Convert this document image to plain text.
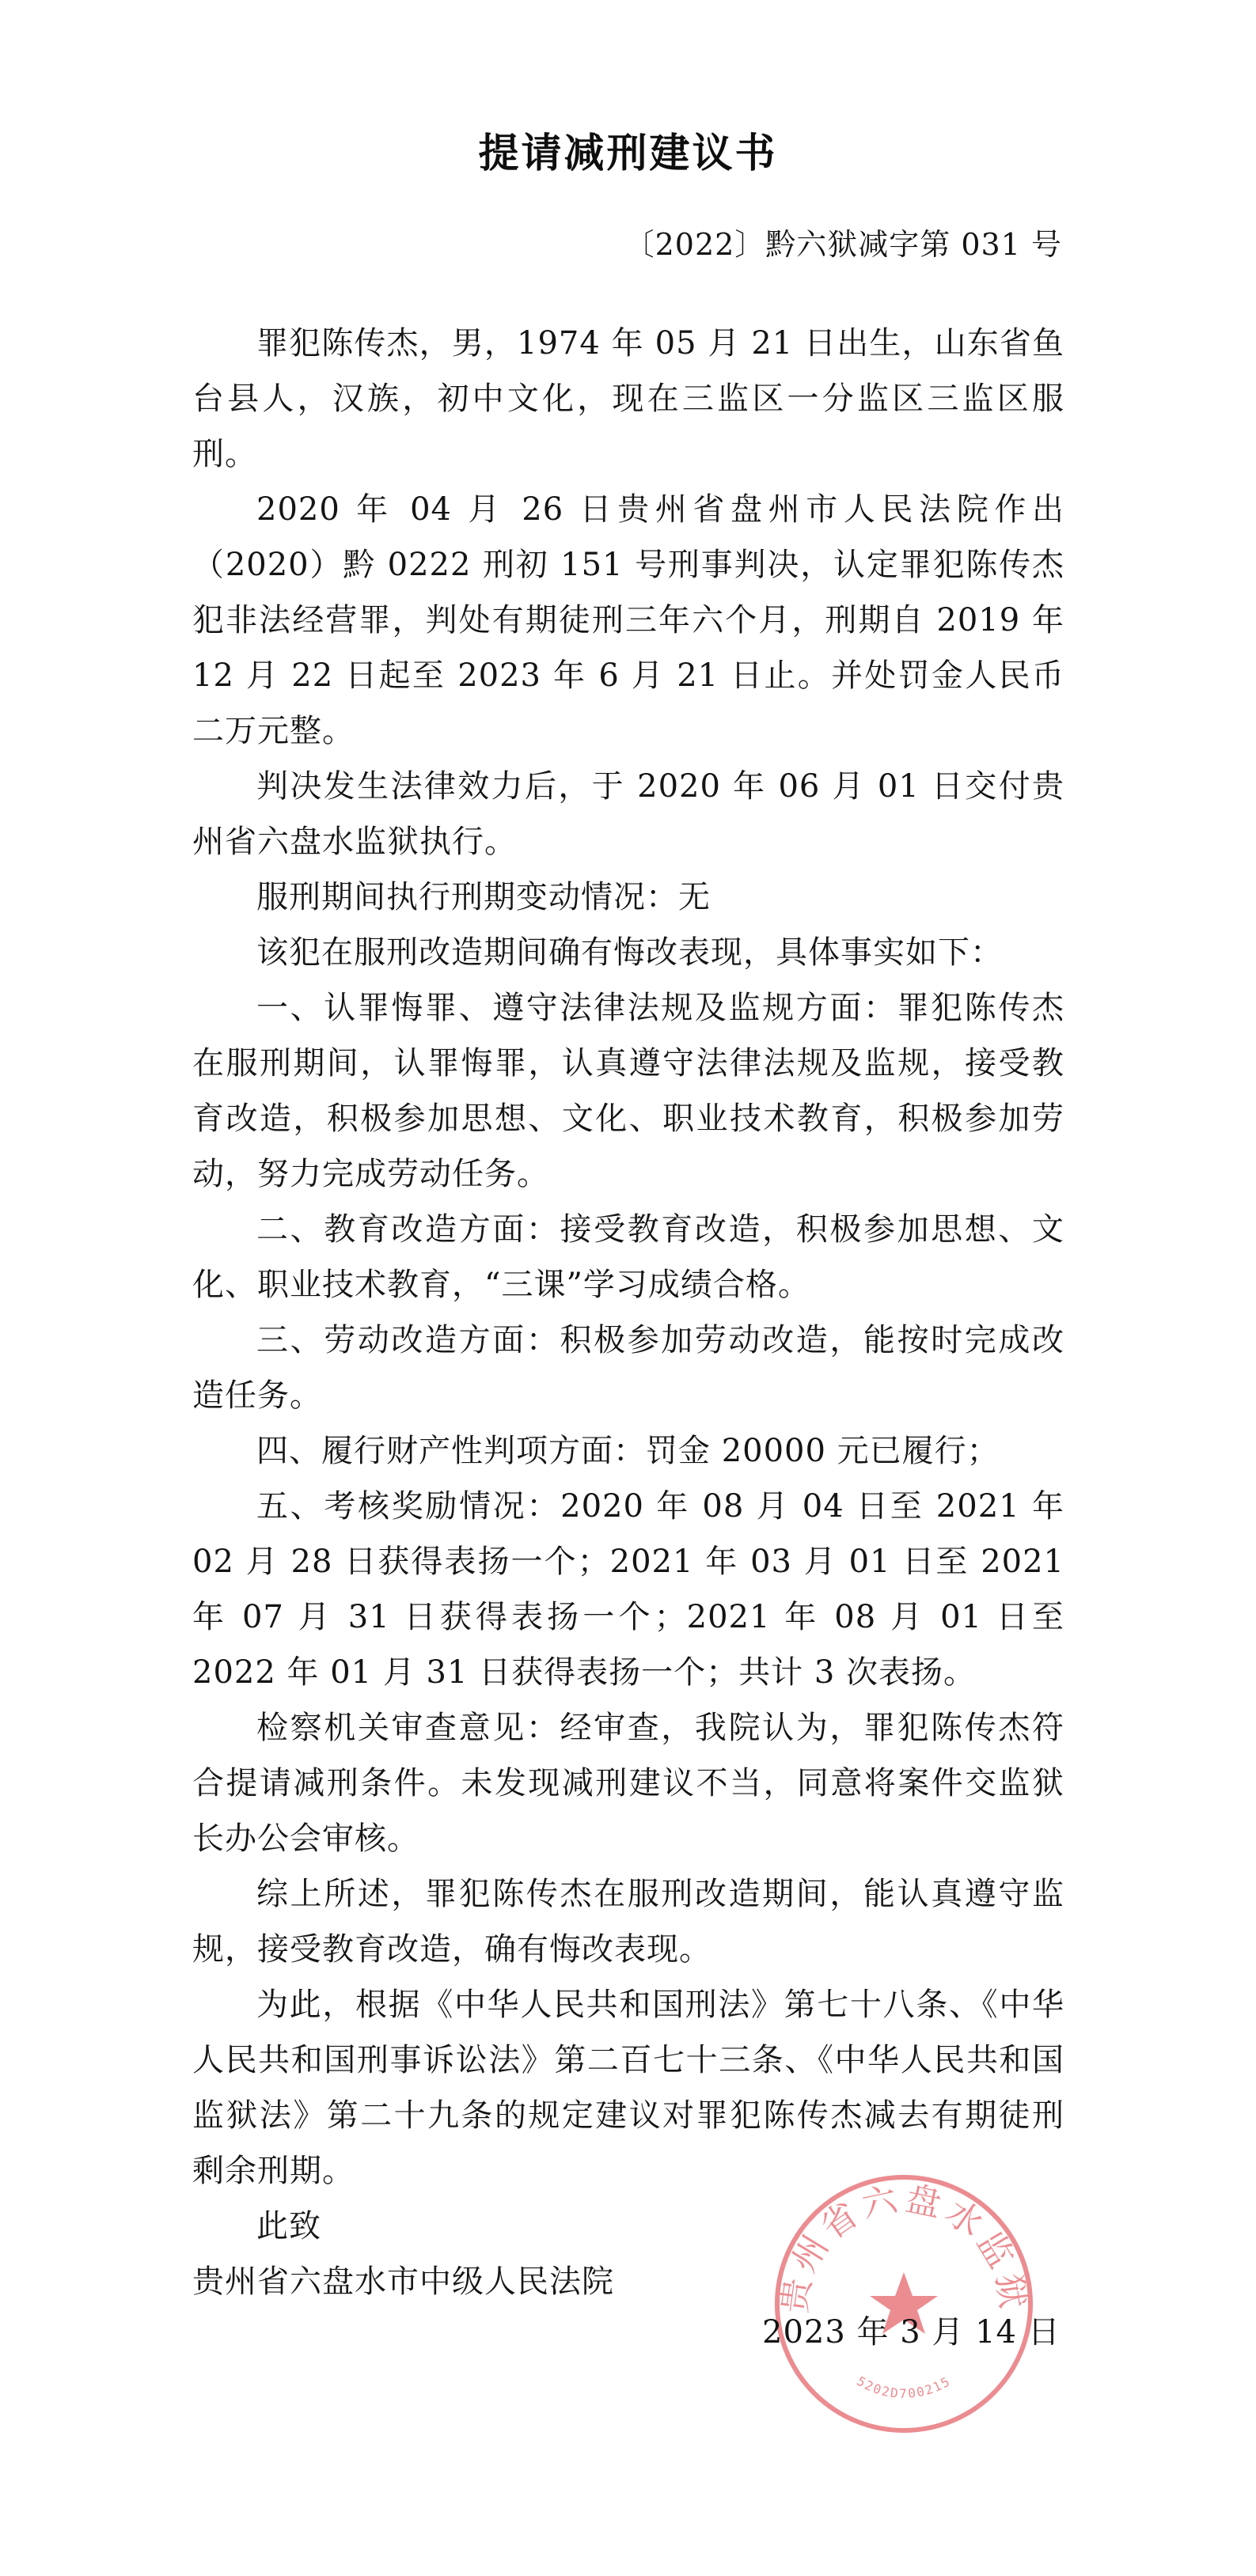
提请减刑建议书
〔2022〕黔六狱减字第 031 号

罪犯陈传杰，男，1974 年 05 月 21 日出生，山东省鱼台县人，汉族，初中文化，现在三监区一分监区三监区服刑。

2020 年 04 月 26 日贵州省盘州市人民法院作出（2020）黔 0222 刑初 151 号刑事判决，认定罪犯陈传杰犯非法经营罪，判处有期徒刑三年六个月，刑期自 2019 年 12 月 22 日起至 2023 年 6 月 21 日止。并处罚金人民币二万元整。

判决发生法律效力后，于 2020 年 06 月 01 日交付贵州省六盘水监狱执行。

服刑期间执行刑期变动情况：无

该犯在服刑改造期间确有悔改表现，具体事实如下：

一、认罪悔罪、遵守法律法规及监规方面：罪犯陈传杰在服刑期间，认罪悔罪，认真遵守法律法规及监规，接受教育改造，积极参加思想、文化、职业技术教育，积极参加劳动，努力完成劳动任务。

二、教育改造方面：接受教育改造，积极参加思想、文化、职业技术教育，“三课”学习成绩合格。

三、劳动改造方面：积极参加劳动改造，能按时完成改造任务。

四、履行财产性判项方面：罚金 20000 元已履行；

五、考核奖励情况：2020 年 08 月 04 日至 2021 年 02 月 28 日获得表扬一个；2021 年 03 月 01 日至 2021 年 07 月 31 日获得表扬一个；2021 年 08 月 01 日至 2022 年 01 月 31 日获得表扬一个；共计 3 次表扬。

检察机关审查意见：经审查，我院认为，罪犯陈传杰符合提请减刑条件。未发现减刑建议不当，同意将案件交监狱长办公会审核。

综上所述，罪犯陈传杰在服刑改造期间，能认真遵守监规，接受教育改造，确有悔改表现。

为此，根据《中华人民共和国刑法》第七十八条、《中华人民共和国刑事诉讼法》第二百七十三条、《中华人民共和国监狱法》第二十九条的规定建议对罪犯陈传杰减去有期徒刑剩余刑期。

此致

贵州省六盘水市中级人民法院	贵州省六盘水监狱
5202D700215
2023 年 3 月 14 日
